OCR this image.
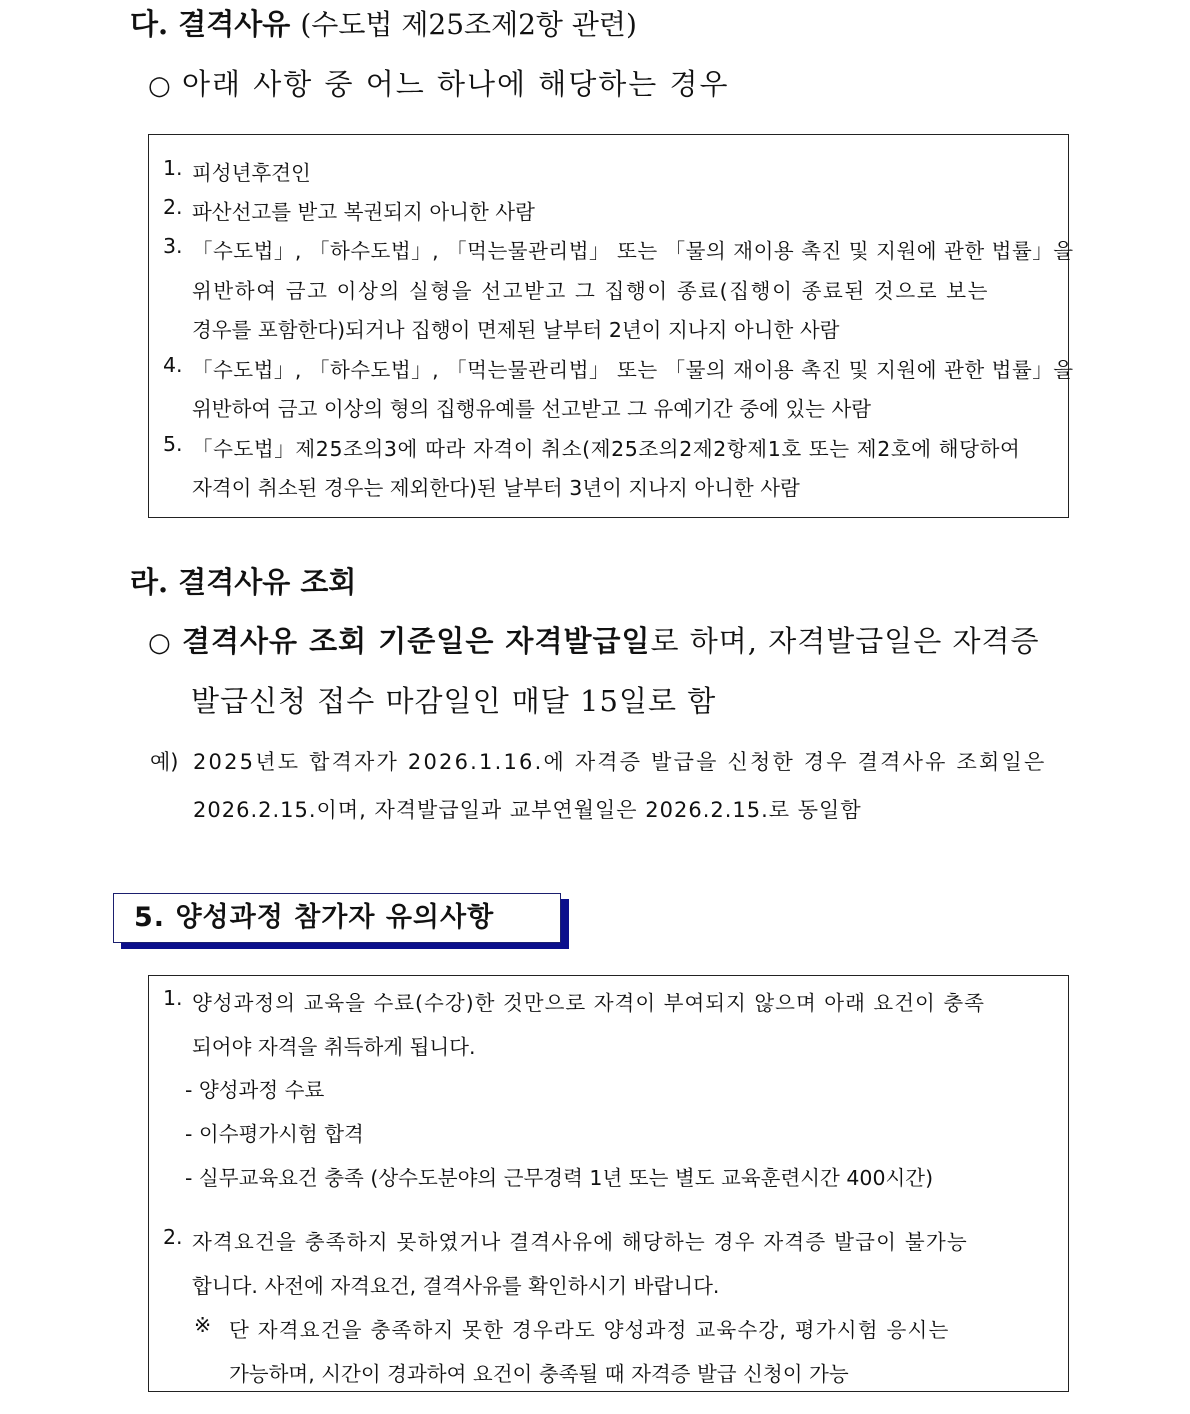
다. 결격사유 (수도법 제25조제2항 관련)
○ 아래 사항 중 어느 하나에 해당하는 경우
1. 피성년후견인
2. 파산선고를 받고 복권되지 아니한 사람
3. 「수도법」, 「하수도법」, 「먹는물관리법」 또는 「물의 재이용 촉진 및 지원에 관한 법률」을
위반하여 금고 이상의 실형을 선고받고 그 집행이 종료(집행이 종료된 것으로 보는
경우를 포함한다)되거나 집행이 면제된 날부터 2년이 지나지 아니한 사람
4. 「수도법」, 「하수도법」, 「먹는물관리법」 또는 「물의 재이용 촉진 및 지원에 관한 법률」을
위반하여 금고 이상의 형의 집행유예를 선고받고 그 유예기간 중에 있는 사람
5. 「수도법」제25조의3에 따라 자격이 취소(제25조의2제2항제1호 또는 제2호에 해당하여
자격이 취소된 경우는 제외한다)된 날부터 3년이 지나지 아니한 사람
라. 결격사유 조회
○ 결격사유 조회 기준일은 자격발급일로 하며, 자격발급일은 자격증
발급신청 접수 마감일인 매달 15일로 함
예) 2025년도 합격자가 2026.1.16.에 자격증 발급을 신청한 경우 결격사유 조회일은
2026.2.15.이며, 자격발급일과 교부연월일은 2026.2.15.로 동일함
5. 양성과정 참가자 유의사항
1. 양성과정의 교육을 수료(수강)한 것만으로 자격이 부여되지 않으며 아래 요건이 충족
되어야 자격을 취득하게 됩니다.
- 양성과정 수료
- 이수평가시험 합격
- 실무교육요건 충족 (상수도분야의 근무경력 1년 또는 별도 교육훈련시간 400시간)
2. 자격요건을 충족하지 못하였거나 결격사유에 해당하는 경우 자격증 발급이 불가능
합니다. 사전에 자격요건, 결격사유를 확인하시기 바랍니다.
※ 단 자격요건을 충족하지 못한 경우라도 양성과정 교육수강, 평가시험 응시는
가능하며, 시간이 경과하여 요건이 충족될 때 자격증 발급 신청이 가능
